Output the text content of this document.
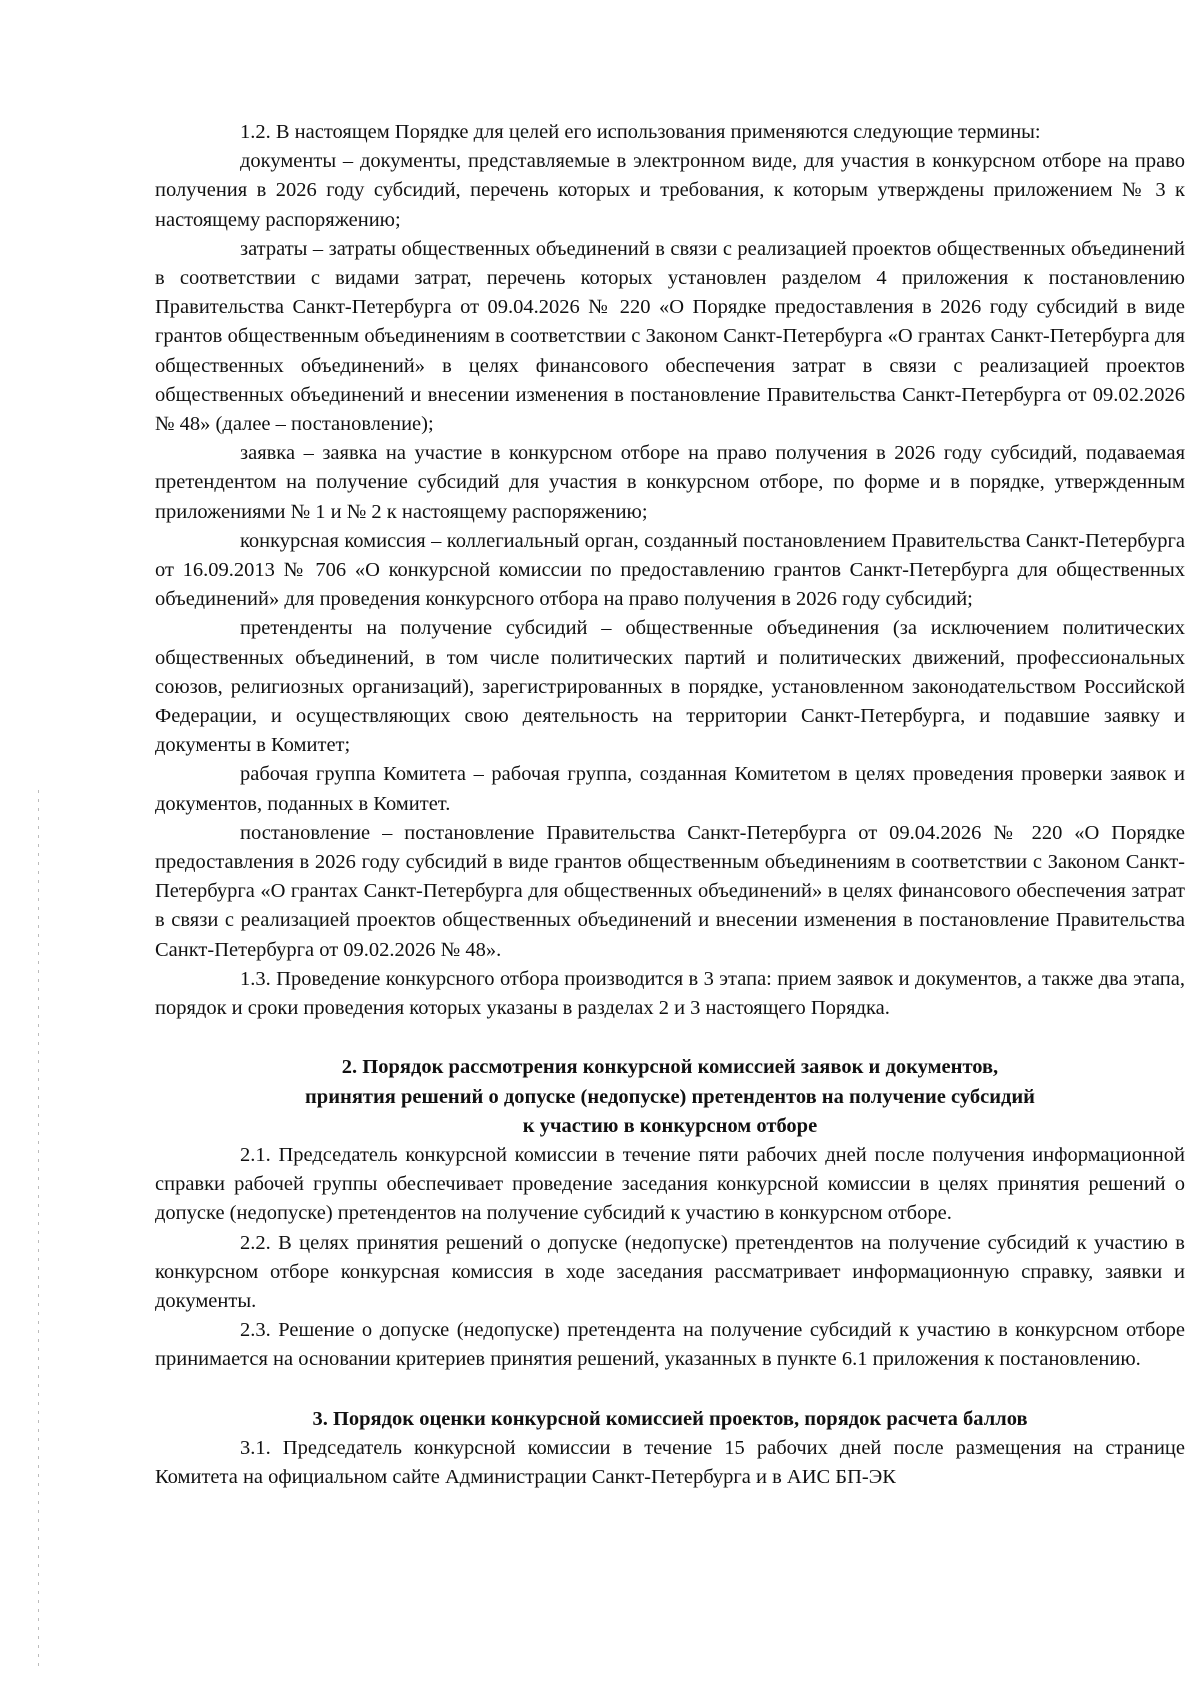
1.2. В настоящем Порядке для целей его использования применяются следующие термины:

документы – документы, представляемые в электронном виде, для участия в конкурсном отборе на право получения в 2026 году субсидий, перечень которых и требования, к которым утверждены приложением № 3 к настоящему распоряжению;

затраты – затраты общественных объединений в связи с реализацией проектов общественных объединений в соответствии с видами затрат, перечень которых установлен разделом 4 приложения к постановлению Правительства Санкт-Петербурга от 09.04.2026 № 220 «О Порядке предоставления в 2026 году субсидий в виде грантов общественным объединениям в соответствии с Законом Санкт-Петербурга «О грантах Санкт-Петербурга для общественных объединений» в целях финансового обеспечения затрат в связи с реализацией проектов общественных объединений и внесении изменения в постановление Правительства Санкт-Петербурга от 09.02.2026 № 48» (далее – постановление);

заявка – заявка на участие в конкурсном отборе на право получения в 2026 году субсидий, подаваемая претендентом на получение субсидий для участия в конкурсном отборе, по форме и в порядке, утвержденным приложениями № 1 и № 2 к настоящему распоряжению;

конкурсная комиссия – коллегиальный орган, созданный постановлением Правительства Санкт-Петербурга от 16.09.2013 № 706 «О конкурсной комиссии по предоставлению грантов Санкт-Петербурга для общественных объединений» для проведения конкурсного отбора на право получения в 2026 году субсидий;

претенденты на получение субсидий – общественные объединения (за исключением политических общественных объединений, в том числе политических партий и политических движений, профессиональных союзов, религиозных организаций), зарегистрированных в порядке, установленном законодательством Российской Федерации, и осуществляющих свою деятельность на территории Санкт-Петербурга, и подавшие заявку и документы в Комитет;

рабочая группа Комитета – рабочая группа, созданная Комитетом в целях проведения проверки заявок и документов, поданных в Комитет.

постановление – постановление Правительства Санкт-Петербурга от 09.04.2026 № 220 «О Порядке предоставления в 2026 году субсидий в виде грантов общественным объединениям в соответствии с Законом Санкт-Петербурга «О грантах Санкт-Петербурга для общественных объединений» в целях финансового обеспечения затрат в связи с реализацией проектов общественных объединений и внесении изменения в постановление Правительства Санкт-Петербурга от 09.02.2026 № 48».

1.3. Проведение конкурсного отбора производится в 3 этапа: прием заявок и документов, а также два этапа, порядок и сроки проведения которых указаны в разделах 2 и 3 настоящего Порядка.

2. Порядок рассмотрения конкурсной комиссией заявок и документов,

принятия решений о допуске (недопуске) претендентов на получение субсидий

к участию в конкурсном отборе

2.1. Председатель конкурсной комиссии в течение пяти рабочих дней после получения информационной справки рабочей группы обеспечивает проведение заседания конкурсной комиссии в целях принятия решений о допуске (недопуске) претендентов на получение субсидий к участию в конкурсном отборе.

2.2. В целях принятия решений о допуске (недопуске) претендентов на получение субсидий к участию в конкурсном отборе конкурсная комиссия в ходе заседания рассматривает информационную справку, заявки и документы.

2.3. Решение о допуске (недопуске) претендента на получение субсидий к участию в конкурсном отборе принимается на основании критериев принятия решений, указанных в пункте 6.1 приложения к постановлению.

3. Порядок оценки конкурсной комиссией проектов, порядок расчета баллов

3.1. Председатель конкурсной комиссии в течение 15 рабочих дней после размещения на странице Комитета на официальном сайте Администрации Санкт-Петербурга и в АИС БП-ЭК
